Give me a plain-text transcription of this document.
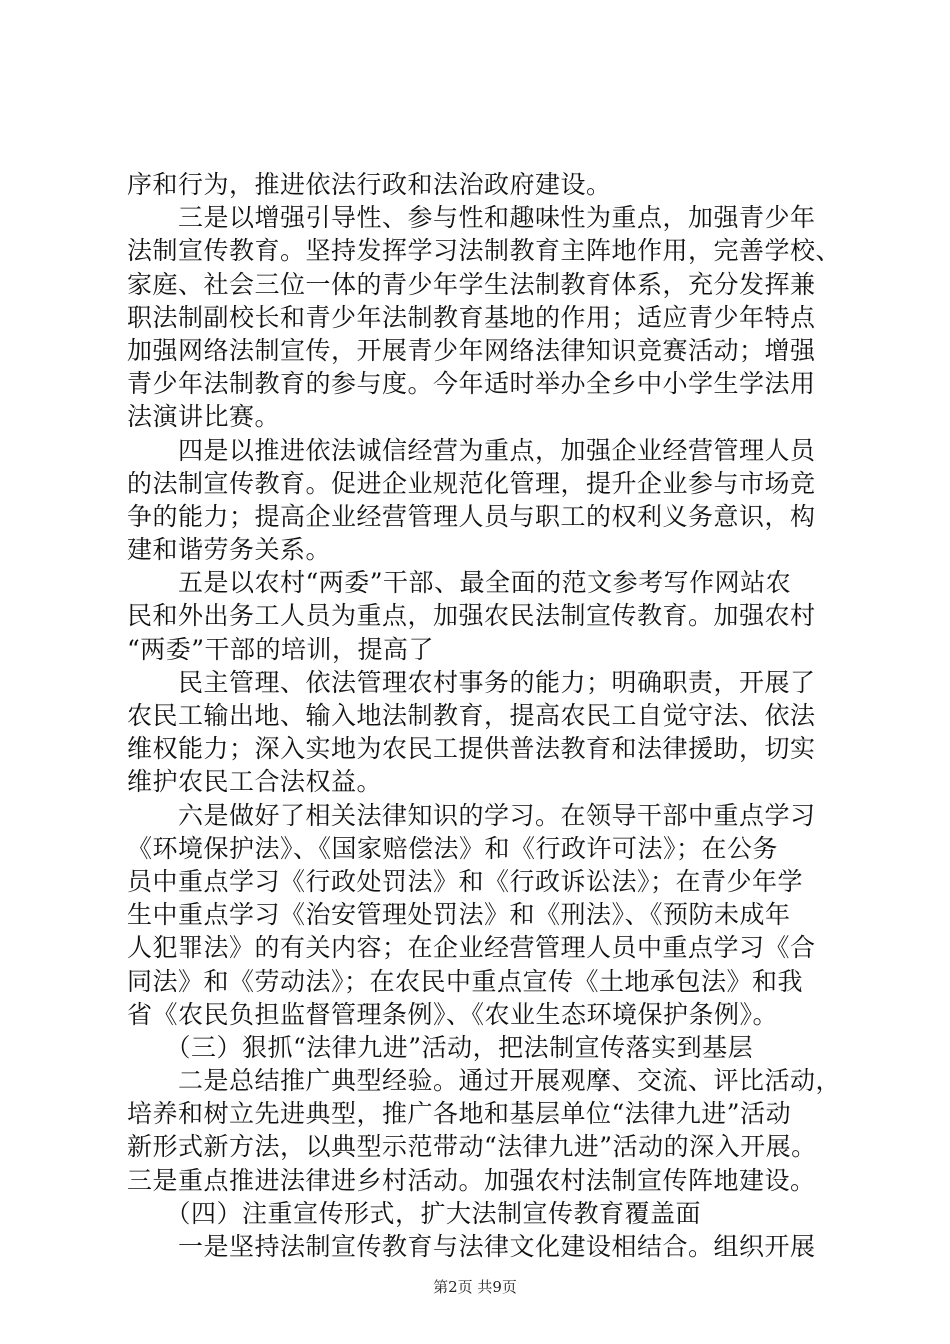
序和行为，推进依法行政和法治政府建设。
　　三是以增强引导性、参与性和趣味性为重点，加强青少年
法制宣传教育。坚持发挥学习法制教育主阵地作用，完善学校、
家庭、社会三位一体的青少年学生法制教育体系，充分发挥兼
职法制副校长和青少年法制教育基地的作用；适应青少年特点
加强网络法制宣传，开展青少年网络法律知识竞赛活动；增强
青少年法制教育的参与度。今年适时举办全乡中小学生学法用
法演讲比赛。
　　四是以推进依法诚信经营为重点，加强企业经营管理人员
的法制宣传教育。促进企业规范化管理，提升企业参与市场竞
争的能力；提高企业经营管理人员与职工的权利义务意识，构
建和谐劳务关系。
　　五是以农村“两委”干部、最全面的范文参考写作网站农
民和外出务工人员为重点，加强农民法制宣传教育。加强农村
“两委”干部的培训，提高了
　　民主管理、依法管理农村事务的能力；明确职责，开展了
农民工输出地、输入地法制教育，提高农民工自觉守法、依法
维权能力；深入实地为农民工提供普法教育和法律援助，切实
维护农民工合法权益。
　　六是做好了相关法律知识的学习。在领导干部中重点学习
《环境保护法》、《国家赔偿法》和《行政许可法》；在公务
员中重点学习《行政处罚法》和《行政诉讼法》；在青少年学
生中重点学习《治安管理处罚法》和《刑法》、《预防未成年
人犯罪法》的有关内容；在企业经营管理人员中重点学习《合
同法》和《劳动法》；在农民中重点宣传《土地承包法》和我
省《农民负担监督管理条例》、《农业生态环境保护条例》。
　　（三）狠抓“法律九进”活动，把法制宣传落实到基层
　　二是总结推广典型经验。通过开展观摩、交流、评比活动，
培养和树立先进典型，推广各地和基层单位“法律九进”活动
新形式新方法，以典型示范带动“法律九进”活动的深入开展。
三是重点推进法律进乡村活动。加强农村法制宣传阵地建设。
　　（四）注重宣传形式，扩大法制宣传教育覆盖面
　　一是坚持法制宣传教育与法律文化建设相结合。组织开展
第2页 共9页
